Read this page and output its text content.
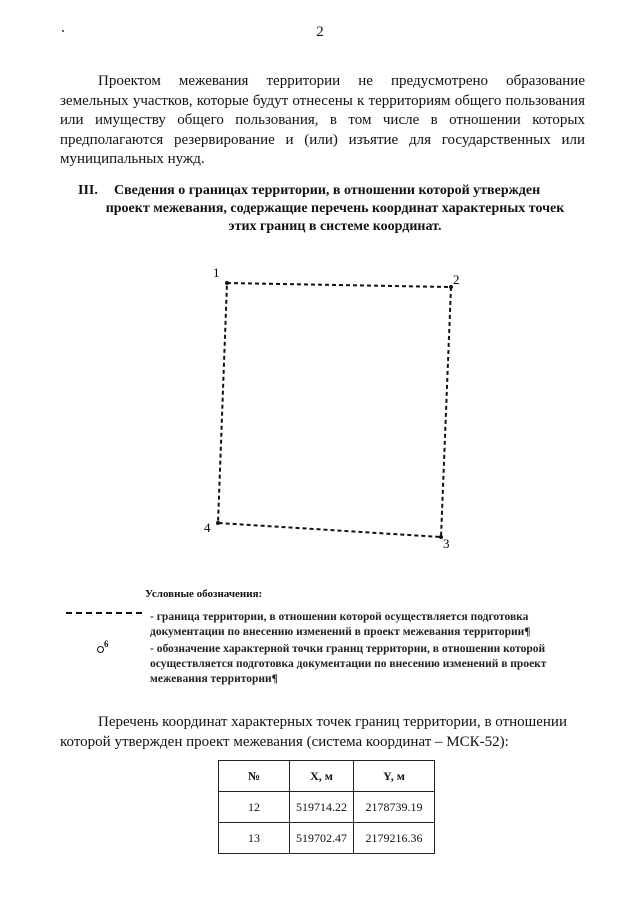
2
Проектом межевания территории не предусмотрено образование земельных участков, которые будут отнесены к территориям общего пользования или имуществу общего пользования, в том числе в отношении которых предполагаются резервирование и (или) изъятие для государственных или муниципальных нужд.
III. Сведения о границах территории, в отношении которой утвержден
проект межевания, содержащие перечень координат характерных точек
этих границ в системе координат.
1	2
3
4
Условные обозначения:
- граница территории, в отношении которой осуществляется подготовка документации по внесению изменений в проект межевания территории¶
$^6$	- обозначение характерной точки границ территории, в отношении которой осуществляется подготовка документации по внесению изменений в проект межевания территории¶
Перечень координат характерных точек границ территории, в отношении которой утвержден проект межевания (система координат – МСК-52):
№	X, м	Y, м
12	519714.22	2178739.19
13	519702.47	2179216.36
